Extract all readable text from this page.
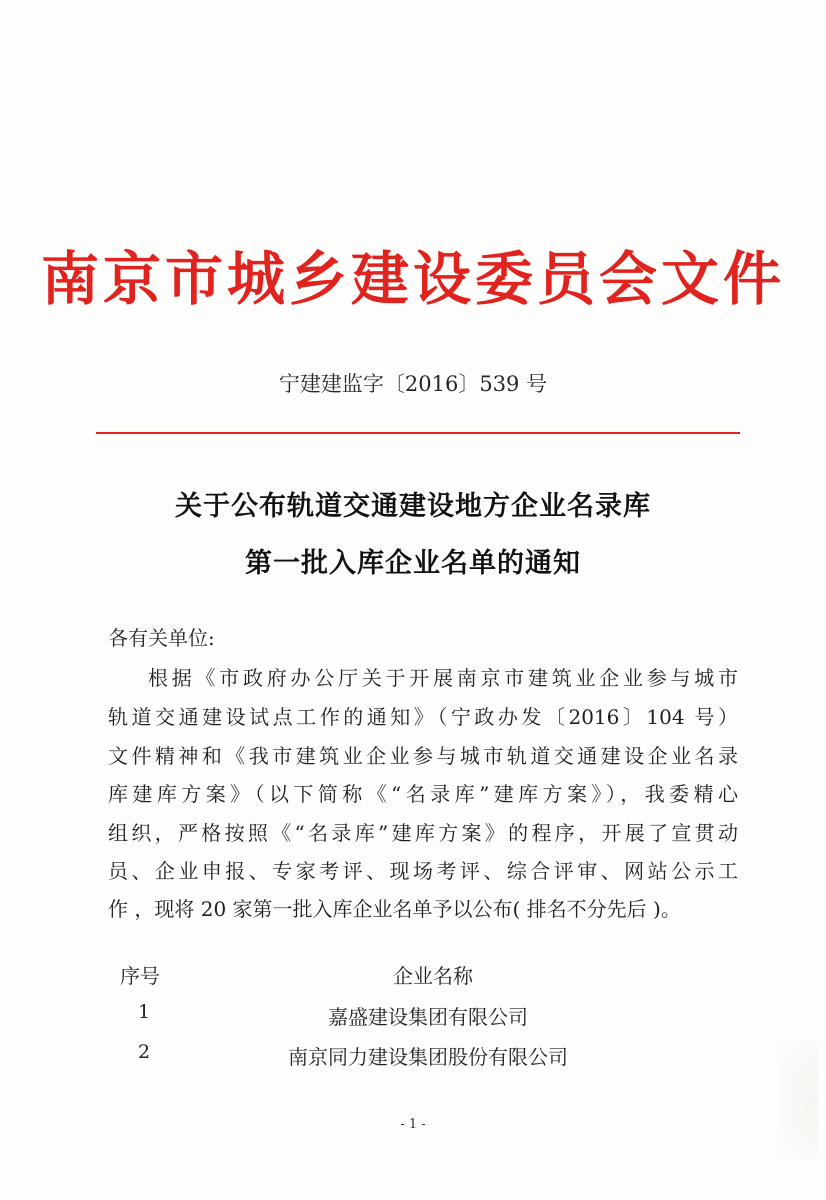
南京市城乡建设委员会文件
宁建建监字〔2016〕539 号
关于公布轨道交通建设地方企业名录库
第一批入库企业名单的通知
各有关单位:
根据《市政府办公厅关于开展南京市建筑业企业参与城市
轨道交通建设试点工作的通知》（宁政办发〔2016〕104 号）
文件精神和《我市建筑业企业参与城市轨道交通建设企业名录
库建库方案》（以下简称《“名录库”建库方案》），我委精心
组织，严格按照《“名录库”建库方案》的程序，开展了宣贯动
员、企业申报、专家考评、现场考评、综合评审、网站公示工
作 ，现将 20 家第一批入库企业名单予以公布( 排名不分先后 )。
序号	企业名称
1	嘉盛建设集团有限公司
2	南京同力建设集团股份有限公司
- 1 -
